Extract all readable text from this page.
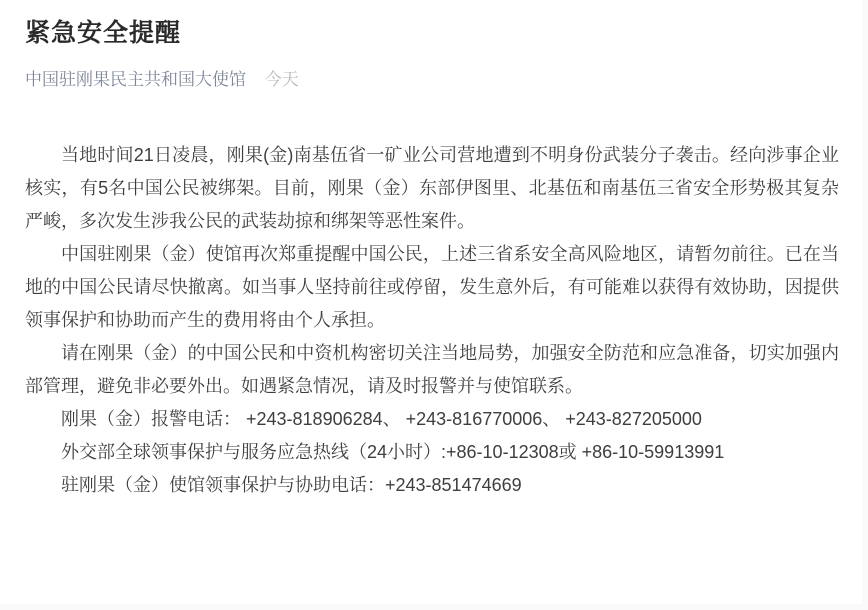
紧急安全提醒
中国驻刚果民主共和国大使馆 今天

当地时间21日凌晨，刚果(金)南基伍省一矿业公司营地遭到不明身份武装分子袭击。经向涉事企业核实，有5名中国公民被绑架。目前，刚果（金）东部伊图里、北基伍和南基伍三省安全形势极其复杂严峻，多次发生涉我公民的武装劫掠和绑架等恶性案件。

中国驻刚果（金）使馆再次郑重提醒中国公民，上述三省系安全高风险地区，请暂勿前往。已在当地的中国公民请尽快撤离。如当事人坚持前往或停留，发生意外后，有可能难以获得有效协助，因提供领事保护和协助而产生的费用将由个人承担。

请在刚果（金）的中国公民和中资机构密切关注当地局势，加强安全防范和应急准备，切实加强内部管理，避免非必要外出。如遇紧急情况，请及时报警并与使馆联系。

刚果（金）报警电话： +243-818906284、 +243-816770006、 +243-827205000

外交部全球领事保护与服务应急热线（24小时）:+86-10-12308或 +86-10-59913991

驻刚果（金）使馆领事保护与协助电话：+243-851474669
